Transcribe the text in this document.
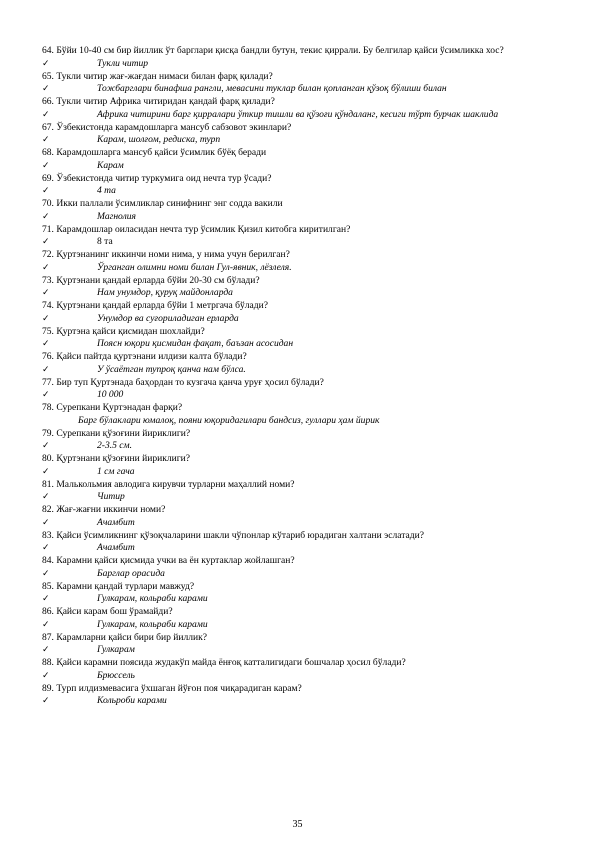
64. Бўйи 10-40 см бир йиллик ўт барглари қисқа бандли бутун, текис қиррали. Бу белгилар қайси ўсимликка хос?
✓	Тукли читир
65. Тукли читир жағ-жағдан нимаси билан фарқ қилади?
✓	Тожбарглари бинафша рангли, мевасини туклар билан қопланган қўзоқ бўлиши билан
66. Тукли читир Африка читиридан қандай фарқ қилади?
✓	Африка читирини барг қирралари ўткир тишли ва қўзоғи қўндаланг, кесиги тўрт бурчак шаклида
67. Ўзбекистонда карамдошларга мансуб сабзовот экинлари?
✓	Карам, шолғом, редиска, турп
68. Карамдошларга мансуб қайси ўсимлик бўёқ беради
✓	Карам
69. Ўзбекистонда читир туркумига оид нечта тур ўсади?
✓	4 та
70. Икки паллали ўсимликлар синифнинг энг содда вакили
✓	Магнолия
71. Карамдошлар оиласидан нечта тур ўсимлик Қизил китобга киритилган?
✓	8 та
72. Қуртэнанинг иккинчи номи нима, у нима учун берилган?
✓	Ўрганган олимни номи билан Гул-явник, лёзлеля.
73. Қуртэнани қандай ерларда бўйи 20-30 см бўлади?
✓	Нам унумдор, қуруқ майдонларда
74. Қуртэнани қандай ерларда бўйи 1 метргача бўлади?
✓	Унумдор ва суғориладиган ерларда
75. Қуртэна қайси қисмидан шохлайди?
✓	Поясн юқори қисмидан фақат, баъзан асосидан
76. Қайси пайтда қуртэнани илдизи калта бўлади?
✓	У ўсаётган тупроқ қанча нам бўлса.
77. Бир туп Қуртэнада баҳордан то кузгача қанча уруғ ҳосил бўлади?
✓	10 000
78. Сурепкани Қуртэнадан фарқи?
Барг бўлаклари юмалоқ, пояни юқоридагилари бандсиз, гуллари ҳам йирик
79. Сурепкани қўзоғини йириклиги?
✓	2-3.5 см.
80. Қуртэнани қўзоғини йириклиги?
✓	1 см гача
81. Малькольмия авлодига кирувчи турларни маҳаллий номи?
✓	Читир
82. Жағ-жағни иккинчи номи?
✓	Ачамбит
83. Қайси ўсимликнинг қўзоқчаларини шакли чўпонлар кўтариб юрадиган халтани эслатади?
✓	Ачамбит
84. Карамни қайси қисмида учки ва ён куртаклар жойлашган?
✓	Барглар орасида
85. Карамни қандай турлари мавжуд?
✓	Гулкарам, кольраби карами
86. Қайси карам бош ўрамайди?
✓	Гулкарам, кольраби карами
87. Карамларни қайси бири бир йиллик?
✓	Гулкарам
88. Қайси карамни поясида жудакўп майда ёнғоқ катталигидаги бошчалар ҳосил бўлади?
✓	Брюссель
89. Турп илдизмевасига ўхшаган йўғон поя чиқарадиган карам?
✓	Кольроби карами
35
